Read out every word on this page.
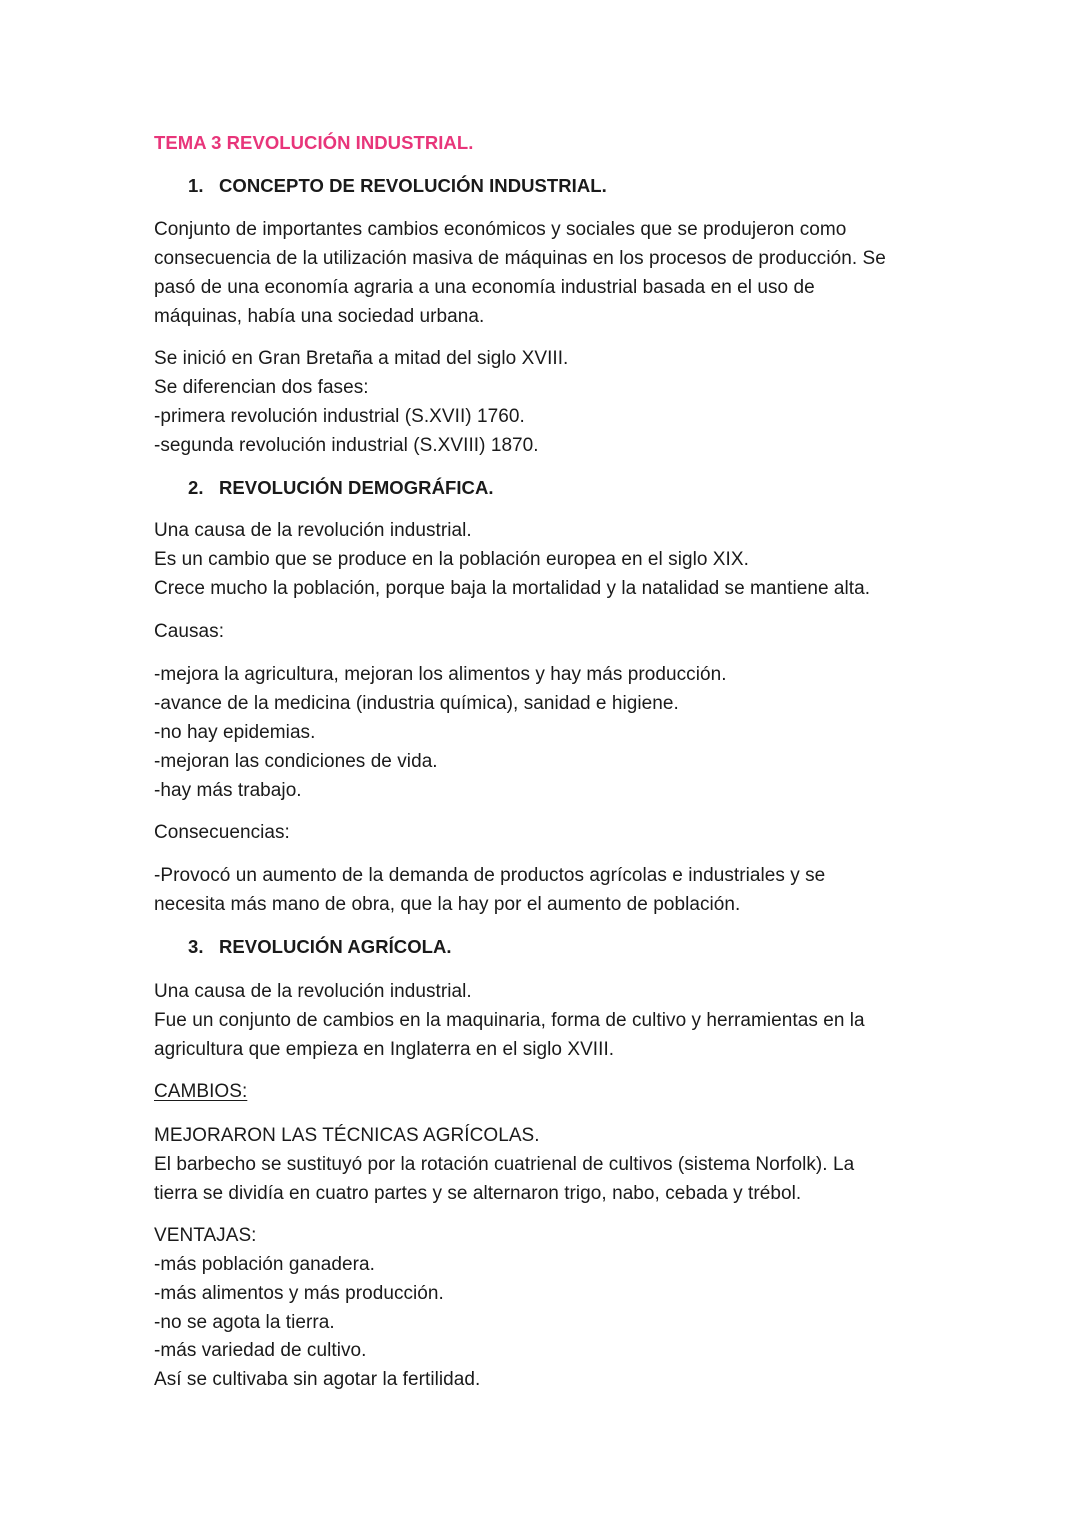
TEMA 3 REVOLUCIÓN INDUSTRIAL.
1. CONCEPTO DE REVOLUCIÓN INDUSTRIAL.
Conjunto de importantes cambios económicos y sociales que se produjeron como
consecuencia de la utilización masiva de máquinas en los procesos de producción. Se
pasó de una economía agraria a una economía industrial basada en el uso de
máquinas, había una sociedad urbana.
Se inició en Gran Bretaña a mitad del siglo XVIII.
Se diferencian dos fases:
-primera revolución industrial (S.XVII) 1760.
-segunda revolución industrial (S.XVIII) 1870.
2. REVOLUCIÓN DEMOGRÁFICA.
Una causa de la revolución industrial.
Es un cambio que se produce en la población europea en el siglo XIX.
Crece mucho la población, porque baja la mortalidad y la natalidad se mantiene alta.
Causas:
-mejora la agricultura, mejoran los alimentos y hay más producción.
-avance de la medicina (industria química), sanidad e higiene.
-no hay epidemias.
-mejoran las condiciones de vida.
-hay más trabajo.
Consecuencias:
-Provocó un aumento de la demanda de productos agrícolas e industriales y se
necesita más mano de obra, que la hay por el aumento de población.
3. REVOLUCIÓN AGRÍCOLA.
Una causa de la revolución industrial.
Fue un conjunto de cambios en la maquinaria, forma de cultivo y herramientas en la
agricultura que empieza en Inglaterra en el siglo XVIII.
CAMBIOS:
MEJORARON LAS TÉCNICAS AGRÍCOLAS.
El barbecho se sustituyó por la rotación cuatrienal de cultivos (sistema Norfolk). La
tierra se dividía en cuatro partes y se alternaron trigo, nabo, cebada y trébol.
VENTAJAS:
-más población ganadera.
-más alimentos y más producción.
-no se agota la tierra.
-más variedad de cultivo.
Así se cultivaba sin agotar la fertilidad.
